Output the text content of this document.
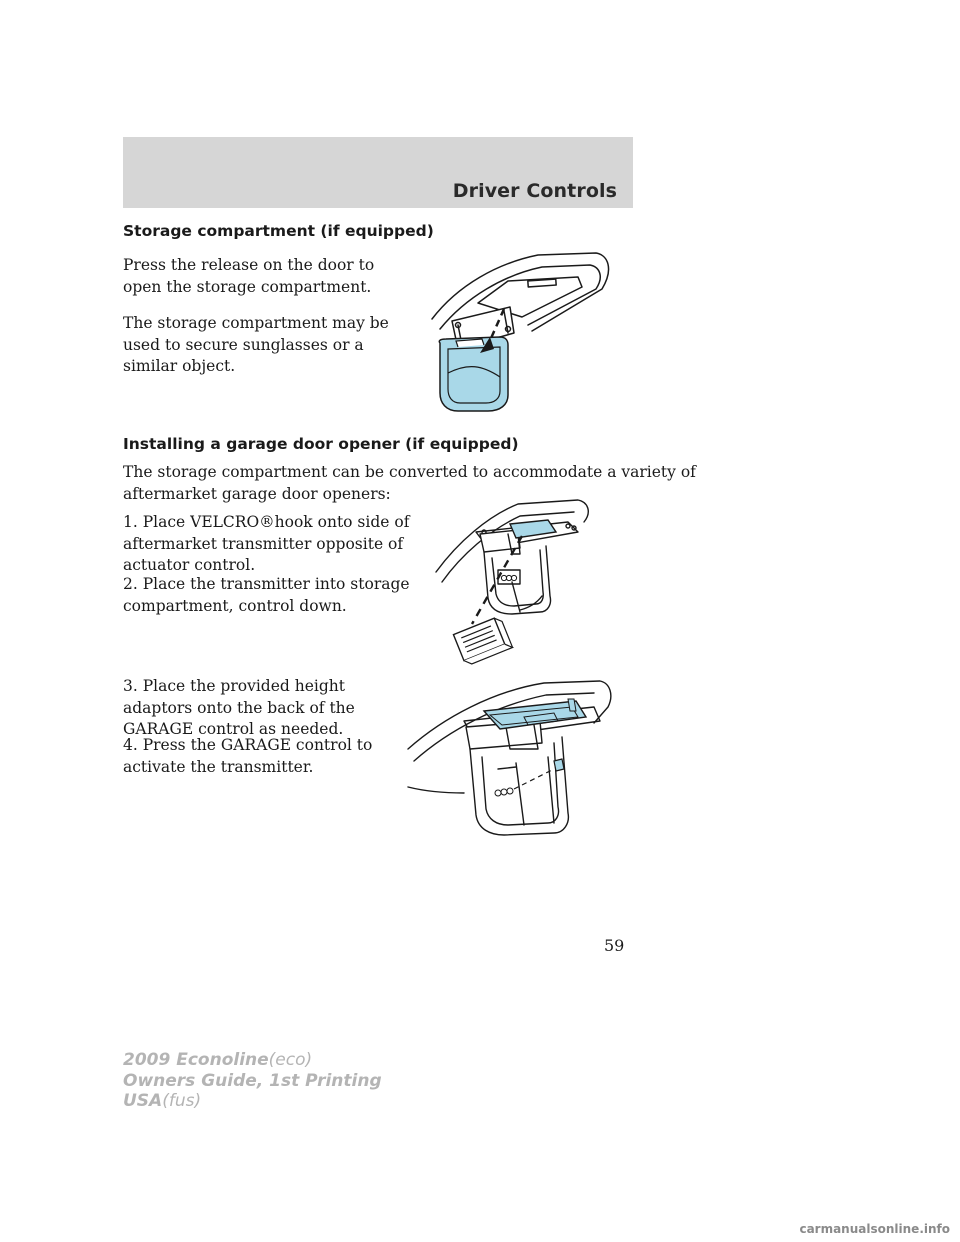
Driver Controls
Storage compartment (if equipped)
Press the release on the door to
open the storage compartment.
The storage compartment may be
used to secure sunglasses or a
similar object.
Installing a garage door opener (if equipped)
The storage compartment can be converted to accommodate a variety of
aftermarket garage door openers:
1. Place VELCRO®hook onto side of
aftermarket transmitter opposite of
actuator control.
2. Place the transmitter into storage
compartment, control down.
3. Place the provided height
adaptors onto the back of the
GARAGE control as needed.
4. Press the GARAGE control to
activate the transmitter.
59
2009 Econoline(eco)
Owners Guide, 1st Printing
USA(fus)
carmanualsonline.info
